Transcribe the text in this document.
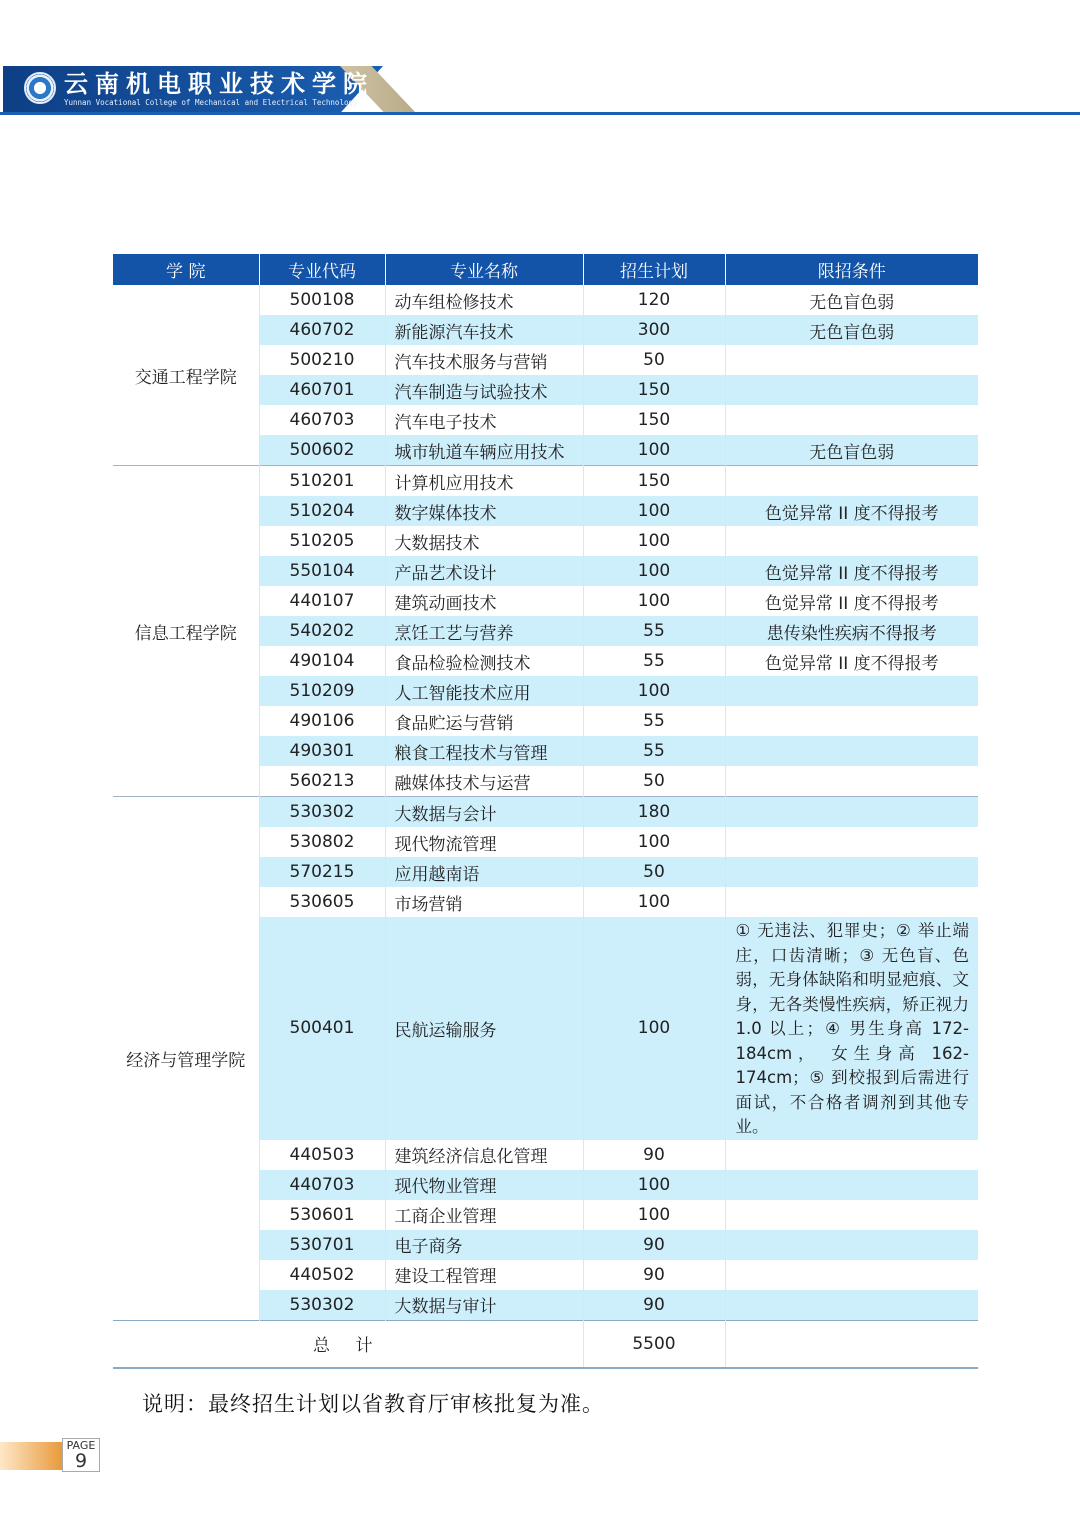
云南机电职业技术学院
Yunnan Vocational College of Mechanical and Electrical Technology
学 院	专业代码	专业名称	招生计划	限招条件
交通工程学院	500108	动车组检修技术	120	无色盲色弱
	460702	新能源汽车技术	300	无色盲色弱
	500210	汽车技术服务与营销	50	
	460701	汽车制造与试验技术	150	
	460703	汽车电子技术	150	
	500602	城市轨道车辆应用技术	100	无色盲色弱
信息工程学院	510201	计算机应用技术	150	
	510204	数字媒体技术	100	色觉异常 II 度不得报考
	510205	大数据技术	100	
	550104	产品艺术设计	100	色觉异常 II 度不得报考
	440107	建筑动画技术	100	色觉异常 II 度不得报考
	540202	烹饪工艺与营养	55	患传染性疾病不得报考
	490104	食品检验检测技术	55	色觉异常 II 度不得报考
	510209	人工智能技术应用	100	
	490106	食品贮运与营销	55	
	490301	粮食工程技术与管理	55	
	560213	融媒体技术与运营	50	
经济与管理学院	530302	大数据与会计	180	
	530802	现代物流管理	100	
	570215	应用越南语	50	
	530605	市场营销	100	
	500401	民航运输服务	100	① 无违法、犯罪史；② 举止端庄，口齿清晰；③ 无色盲、色弱，无身体缺陷和明显疤痕、文身，无各类慢性疾病，矫正视力 1.0 以上；④ 男生身高 172-184cm， 女生身高 162-174cm；⑤ 到校报到后需进行面试，不合格者调剂到其他专业。
	440503	建筑经济信息化管理	90	
	440703	现代物业管理	100	
	530601	工商企业管理	100	
	530701	电子商务	90	
	440502	建设工程管理	90	
	530302	大数据与审计	90	
总 计			5500	
说明：最终招生计划以省教育厅审核批复为准。
PAGE
9
